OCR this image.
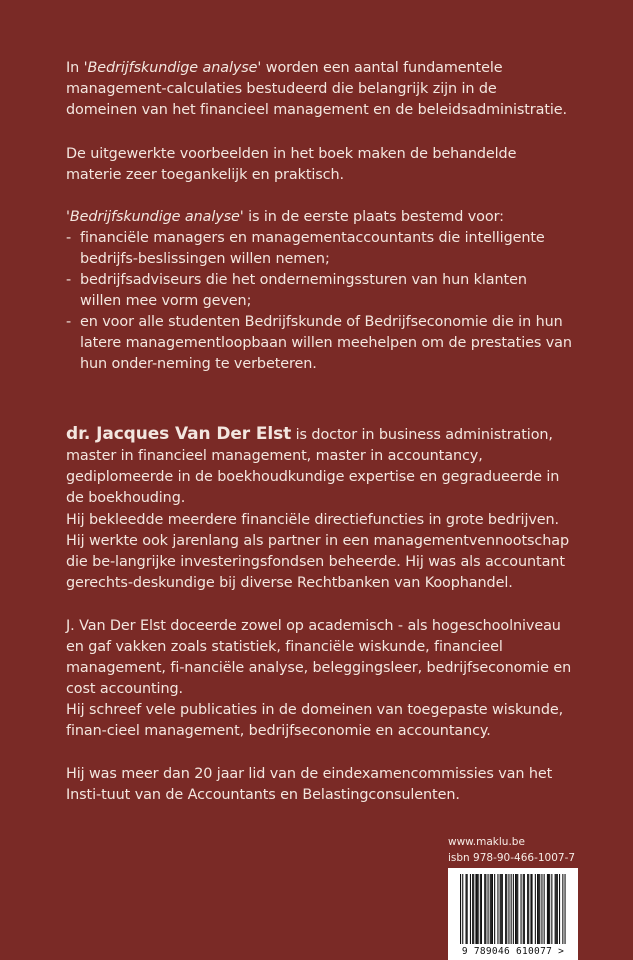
In 'Bedrijfskundige analyse' worden een aantal fundamentele management-calculaties bestudeerd die belangrijk zijn in de domeinen van het financieel management en de beleidsadministratie.

De uitgewerkte voorbeelden in het boek maken de behandelde materie zeer toegankelijk en praktisch.

'Bedrijfskundige analyse' is in de eerste plaats bestemd voor:

- financiële managers en managementaccountants die intelligente bedrijfs-beslissingen willen nemen;
- bedrijfsadviseurs die het ondernemingssturen van hun klanten willen mee vorm geven;
- en voor alle studenten Bedrijfskunde of Bedrijfseconomie die in hun latere managementloopbaan willen meehelpen om de prestaties van hun onder-neming te verbeteren.

dr. Jacques Van Der Elst is doctor in business administration, master in financieel management, master in accountancy, gediplomeerde in de boekhoudkundige expertise en gegradueerde in de boekhouding.

Hij bekleedde meerdere financiële directiefuncties in grote bedrijven. Hij werkte ook jarenlang als partner in een managementvennootschap die be-langrijke investeringsfondsen beheerde. Hij was als accountant gerechts-deskundige bij diverse Rechtbanken van Koophandel.

J. Van Der Elst doceerde zowel op academisch - als hogeschoolniveau en gaf vakken zoals statistiek, financiële wiskunde, financieel management, fi-nanciële analyse, beleggingsleer, bedrijfseconomie en cost accounting.

Hij schreef vele publicaties in de domeinen van toegepaste wiskunde, finan-cieel management, bedrijfseconomie en accountancy.

Hij was meer dan 20 jaar lid van de eindexamencommissies van het Insti-tuut van de Accountants en Belastingconsulenten.

www.maklu.be
isbn 978-90-466-1007-7
9 789046 610077 >
